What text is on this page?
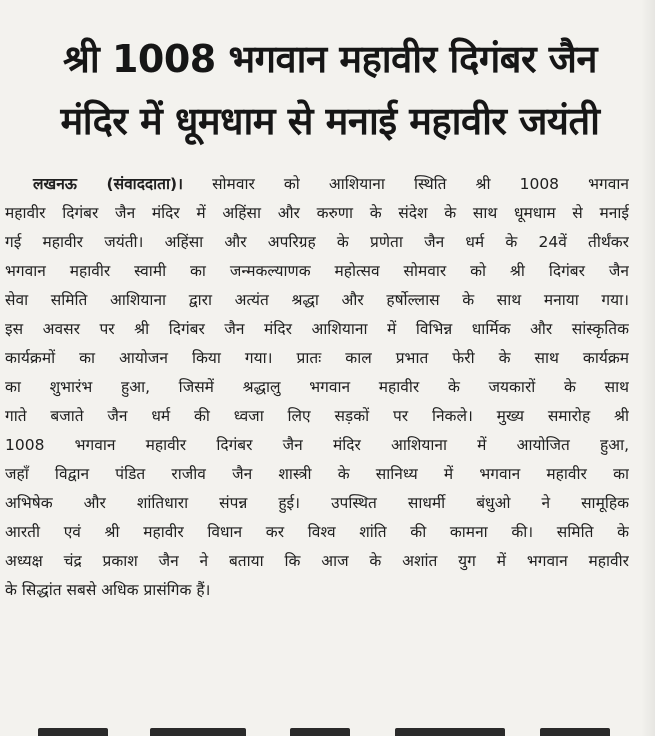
श्री 1008 भगवान महावीर दिगंबर जैन
मंदिर में धूमधाम से मनाई महावीर जयंती
लखनऊ (संवाददाता)। सोमवार को आशियाना स्थिति श्री 1008 भगवान
महावीर दिगंबर जैन मंदिर में अहिंसा और करुणा के संदेश के साथ धूमधाम से मनाई
गई महावीर जयंती। अहिंसा और अपरिग्रह के प्रणेता जैन धर्म के 24वें तीर्थंकर
भगवान महावीर स्वामी का जन्मकल्याणक महोत्सव सोमवार को श्री दिगंबर जैन
सेवा समिति आशियाना द्वारा अत्यंत श्रद्धा और हर्षोल्लास के साथ मनाया गया।
इस अवसर पर श्री दिगंबर जैन मंदिर आशियाना में विभिन्न धार्मिक और सांस्कृतिक
कार्यक्रमों का आयोजन किया गया। प्रातः काल प्रभात फेरी के साथ कार्यक्रम
का शुभारंभ हुआ, जिसमें श्रद्धालु भगवान महावीर के जयकारों के साथ
गाते बजाते जैन धर्म की ध्वजा लिए सड़कों पर निकले। मुख्य समारोह श्री
1008 भगवान महावीर दिगंबर जैन मंदिर आशियाना में आयोजित हुआ,
जहाँ विद्वान पंडित राजीव जैन शास्त्री के सानिध्य में भगवान महावीर का
अभिषेक और शांतिधारा संपन्न हुई। उपस्थित साधर्मी बंधुओ ने सामूहिक
आरती एवं श्री महावीर विधान कर विश्व शांति की कामना की। समिति के
अध्यक्ष चंद्र प्रकाश जैन ने बताया कि आज के अशांत युग में भगवान महावीर
के सिद्धांत सबसे अधिक प्रासंगिक हैं।
